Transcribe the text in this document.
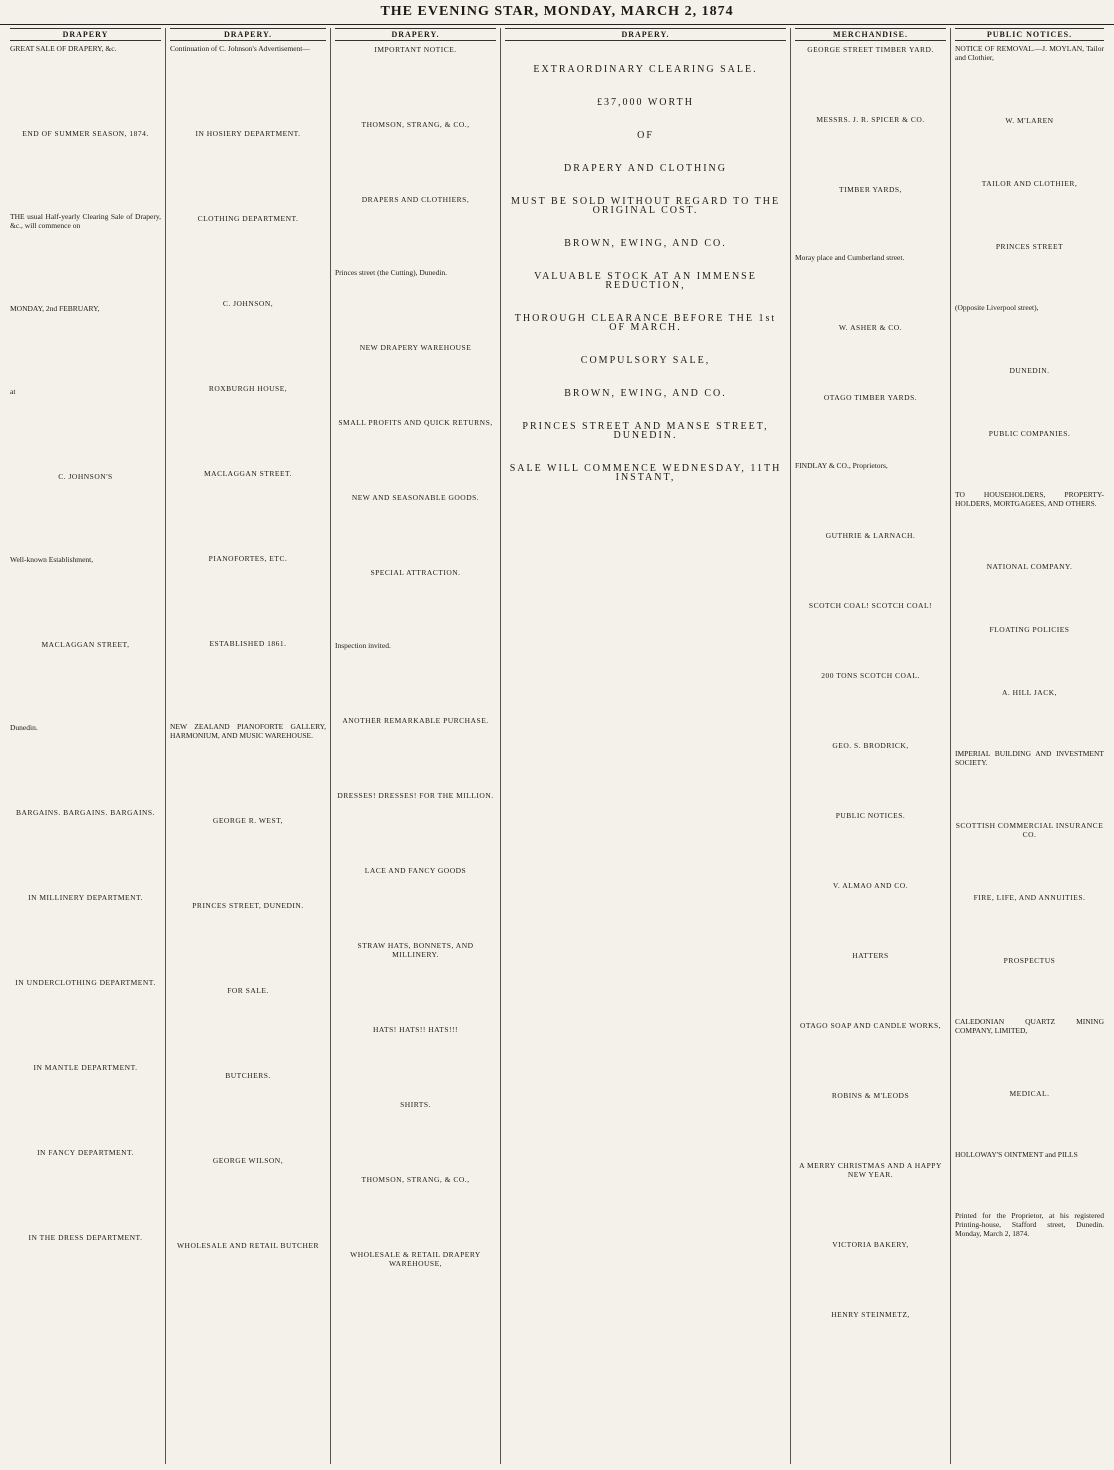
THE EVENING STAR, MONDAY, MARCH 2, 1874
DRAPERY

GREAT SALE OF DRAPERY, &c.

END OF SUMMER SEASON, 1874.

THE usual Half-yearly Clearing Sale of Drapery, &c., will commence on

MONDAY, 2nd FEBRUARY,

at

C. JOHNSON'S

Well-known Establishment,

MACLAGGAN STREET,

Dunedin.

BARGAINS. BARGAINS. BARGAINS.

IN MILLINERY DEPARTMENT.

IN UNDERCLOTHING DEPARTMENT.

IN MANTLE DEPARTMENT.

IN FANCY DEPARTMENT.

IN THE DRESS DEPARTMENT.

DRAPERY.

Continuation of C. Johnson's Advertisement—

IN HOSIERY DEPARTMENT.

CLOTHING DEPARTMENT.

C. JOHNSON,

ROXBURGH HOUSE,

MACLAGGAN STREET.

PIANOFORTES, ETC.

ESTABLISHED 1861.

NEW ZEALAND PIANOFORTE GALLERY, HARMONIUM, AND MUSIC WAREHOUSE.

GEORGE R. WEST,

PRINCES STREET, DUNEDIN.

FOR SALE.

BUTCHERS.

GEORGE WILSON,

WHOLESALE AND RETAIL BUTCHER

DRAPERY.

IMPORTANT NOTICE.

THOMSON, STRANG, & CO.,

DRAPERS AND CLOTHIERS,

Princes street (the Cutting), Dunedin.

NEW DRAPERY WAREHOUSE

SMALL PROFITS AND QUICK RETURNS,

NEW AND SEASONABLE GOODS.

SPECIAL ATTRACTION.

Inspection invited.

ANOTHER REMARKABLE PURCHASE.

DRESSES! DRESSES! FOR THE MILLION.

LACE AND FANCY GOODS

STRAW HATS, BONNETS, AND MILLINERY.

HATS! HATS!! HATS!!!

SHIRTS.

THOMSON, STRANG, & CO.,

WHOLESALE & RETAIL DRAPERY WAREHOUSE,

DRAPERY.

EXTRAORDINARY CLEARING SALE.

£37,000 WORTH

OF

DRAPERY AND CLOTHING

MUST BE SOLD WITHOUT REGARD TO THE ORIGINAL COST.

BROWN, EWING, AND CO.

VALUABLE STOCK AT AN IMMENSE REDUCTION,

THOROUGH CLEARANCE BEFORE THE 1st OF MARCH.

COMPULSORY SALE,

BROWN, EWING, AND CO.

PRINCES STREET AND MANSE STREET, DUNEDIN.

SALE WILL COMMENCE WEDNESDAY, 11TH INSTANT,

MERCHANDISE.

GEORGE STREET TIMBER YARD.

MESSRS. J. R. SPICER & CO.

TIMBER YARDS,

Moray place and Cumberland street.

W. ASHER & CO.

OTAGO TIMBER YARDS.

FINDLAY & CO., Proprietors,

GUTHRIE & LARNACH.

SCOTCH COAL! SCOTCH COAL!

200 TONS SCOTCH COAL.

GEO. S. BRODRICK,

PUBLIC NOTICES.

V. ALMAO AND CO.

HATTERS

OTAGO SOAP AND CANDLE WORKS,

ROBINS & M'LEODS

A MERRY CHRISTMAS AND A HAPPY NEW YEAR.

VICTORIA BAKERY,

HENRY STEINMETZ,

PUBLIC NOTICES.

NOTICE OF REMOVAL.—J. MOYLAN, Tailor and Clothier,

W. M'LAREN

TAILOR AND CLOTHIER,

PRINCES STREET

(Opposite Liverpool street),

DUNEDIN.

PUBLIC COMPANIES.

TO HOUSEHOLDERS, PROPERTY-HOLDERS, MORTGAGEES, AND OTHERS.

NATIONAL COMPANY.

FLOATING POLICIES

A. HILL JACK,

IMPERIAL BUILDING AND INVESTMENT SOCIETY.

SCOTTISH COMMERCIAL INSURANCE CO.

FIRE, LIFE, AND ANNUITIES.

PROSPECTUS

CALEDONIAN QUARTZ MINING COMPANY, LIMITED,

MEDICAL.

HOLLOWAY'S OINTMENT and PILLS

Printed for the Proprietor, at his registered Printing-house, Stafford street, Dunedin. Monday, March 2, 1874.
